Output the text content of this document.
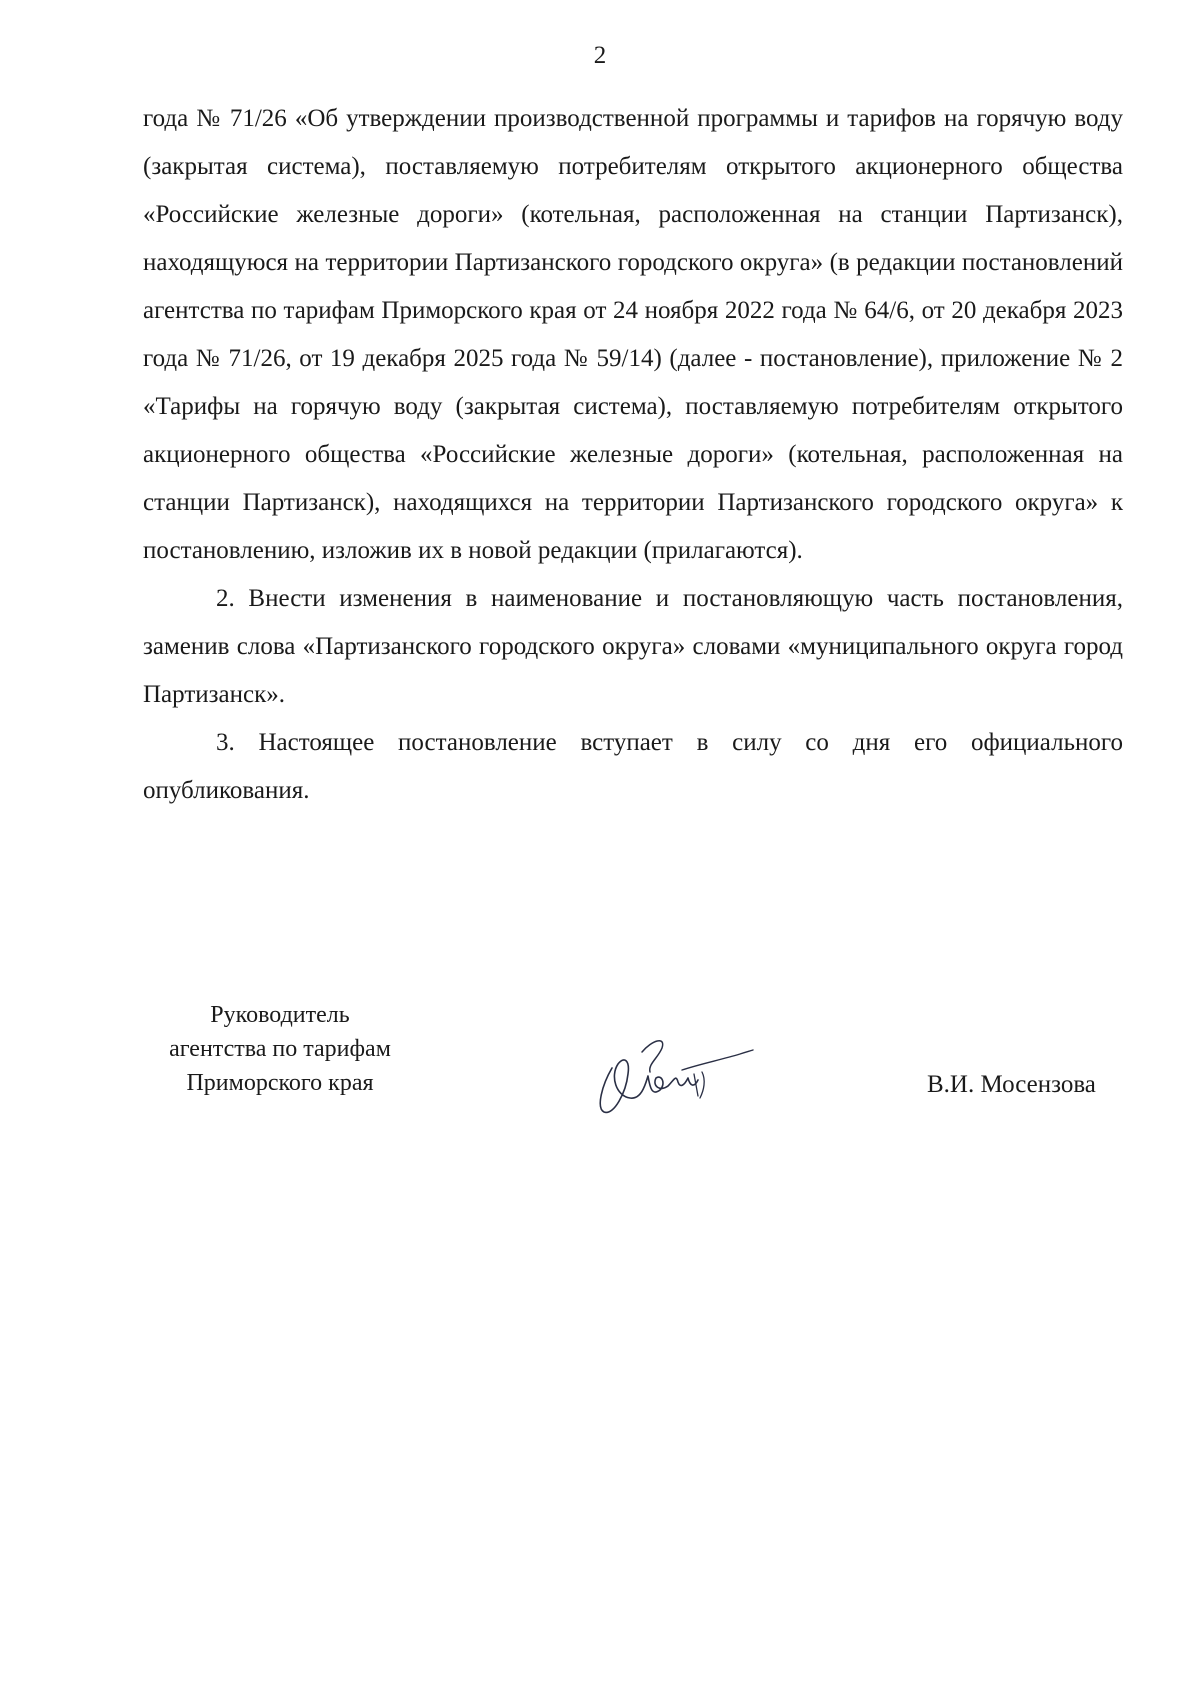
2

года № 71/26 «Об утверждении производственной программы и тарифов на горячую воду (закрытая система), поставляемую потребителям открытого акционерного общества «Российские железные дороги» (котельная, расположенная на станции Партизанск), находящуюся на территории Партизанского городского округа» (в редакции постановлений агентства по тарифам Приморского края от 24 ноября 2022 года № 64/6, от 20 декабря 2023 года № 71/26, от 19 декабря 2025 года № 59/14) (далее - постановление), приложение № 2 «Тарифы на горячую воду (закрытая система), поставляемую потребителям открытого акционерного общества «Российские железные дороги» (котельная, расположенная на станции Партизанск), находящихся на территории Партизанского городского округа» к постановлению, изложив их в новой редакции (прилагаются).

2. Внести изменения в наименование и постановляющую часть постановления, заменив слова «Партизанского городского округа» словами «муниципального округа город Партизанск».

3. Настоящее постановление вступает в силу со дня его официального опубликования.

Руководитель
агентства по тарифам
Приморского края	В.И. Мосензова
